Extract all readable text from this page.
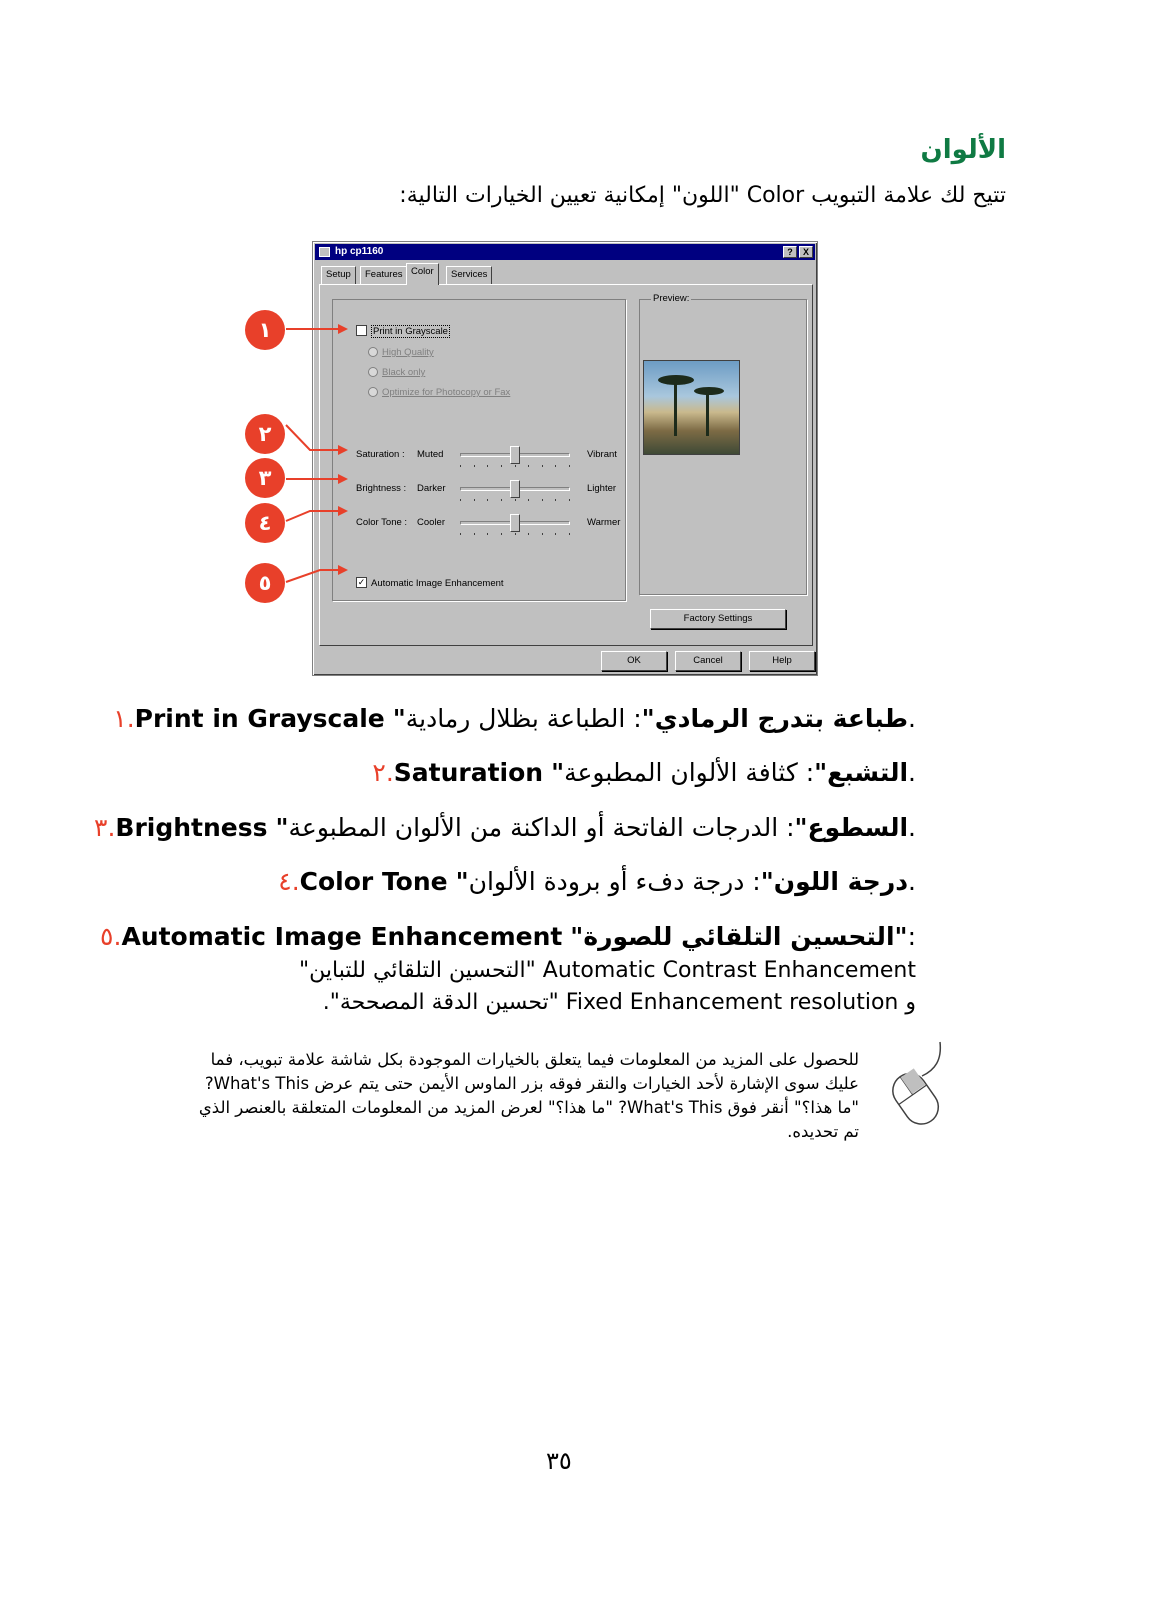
الألوان
تتيح لك علامة التبويب Color "اللون" إمكانية تعيين الخيارات التالية:
hp cp1160	?	X
Setup	Features Color	Services
Print in Grayscale
High Quality
Black only
Optimize for Photocopy or Fax
Saturation : Muted	Vibrant
Brightness : Darker	Lighter
Color Tone : Cooler	Warmer
✓ Automatic Image Enhancement
Preview:
Factory Settings
OK	Cancel	Help
١
٢
٣
٤
٥
١.Print in Grayscale "طباعة بتدرج الرمادي": الطباعة بظلال رمادية.
٢.Saturation "التشبع": كثافة الألوان المطبوعة.
٣.Brightness "السطوع": الدرجات الفاتحة أو الداكنة من الألوان المطبوعة.
٤.Color Tone "درجة اللون": درجة دفء أو برودة الألوان.
٥.Automatic Image Enhancement "التحسين التلقائي للصورة":
Automatic Contrast Enhancement "التحسين التلقائي للتباين"
و Fixed Enhancement resolution "تحسين الدقة المصححة".
للحصول على المزيد من المعلومات فيما يتعلق بالخيارات الموجودة بكل شاشة علامة تبويب، فما عليك سوى الإشارة لأحد الخيارات والنقر فوقه بزر الماوس الأيمن حتى يتم عرض What's This? "ما هذا؟" أنقر فوق What's This? "ما هذا؟" لعرض المزيد من المعلومات المتعلقة بالعنصر الذي تم تحديده.
٣٥
